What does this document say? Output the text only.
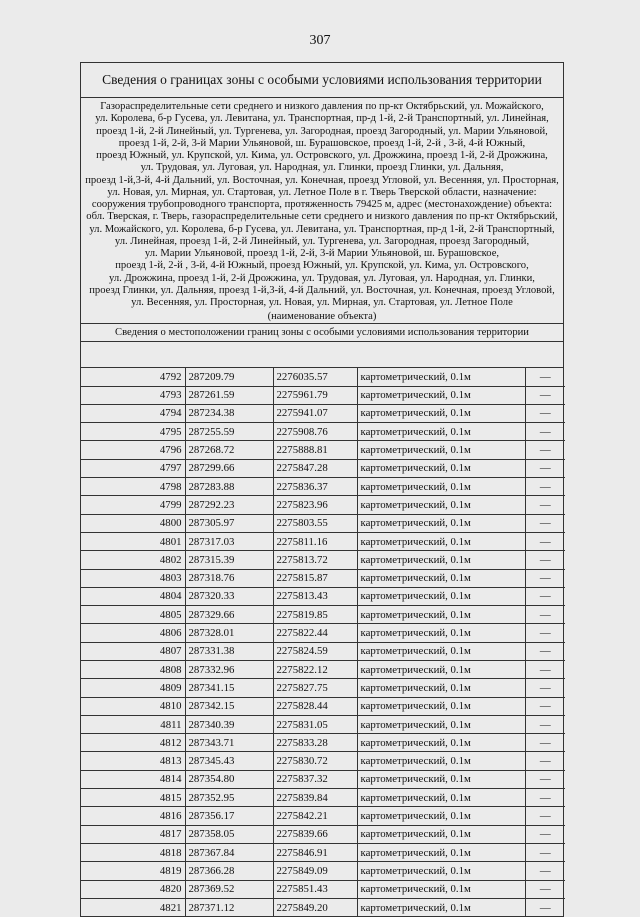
307
Сведения о границах зоны с особыми условиями использования территории
Газораспределительные сети среднего и низкого давления по пр-кт Октябрьский, ул. Можайского,
ул. Королева, б-р Гусева, ул. Левитана, ул. Транспортная, пр-д 1-й, 2-й Транспортный, ул. Линейная,
проезд 1-й, 2-й Линейный, ул. Тургенева, ул. Загородная, проезд Загородный, ул. Марии Ульяновой,
проезд 1-й, 2-й, 3-й Марии Ульяновой, ш. Бурашовское, проезд 1-й, 2-й , 3-й, 4-й Южный,
проезд Южный, ул. Крупской, ул. Кима, ул. Островского, ул. Дрожжина, проезд 1-й, 2-й Дрожжина,
ул. Трудовая, ул. Луговая, ул. Народная, ул. Глинки, проезд Глинки, ул. Дальняя,
проезд 1-й,3-й, 4-й Дальний, ул. Восточная, ул. Конечная, проезд Угловой, ул. Весенняя, ул. Просторная,
ул. Новая, ул. Мирная, ул. Стартовая, ул. Летное Поле в г. Тверь Тверской области, назначение:
сооружения трубопроводного транспорта, протяженность 79425 м, адрес (местонахождение) объекта:
обл. Тверская, г. Тверь, газораспределительные сети среднего и низкого давления по пр-кт Октябрьский,
ул. Можайского, ул. Королева, б-р Гусева, ул. Левитана, ул. Транспортная, пр-д 1-й, 2-й Транспортный,
ул. Линейная, проезд 1-й, 2-й Линейный, ул. Тургенева, ул. Загородная, проезд Загородный,
ул. Марии Ульяновой, проезд 1-й, 2-й, 3-й Марии Ульяновой, ш. Бурашовское,
проезд 1-й, 2-й , 3-й, 4-й Южный, проезд Южный, ул. Крупской, ул. Кима, ул. Островского,
ул. Дрожжина, проезд 1-й, 2-й Дрожжина, ул. Трудовая, ул. Луговая, ул. Народная, ул. Глинки,
проезд Глинки, ул. Дальняя, проезд 1-й,3-й, 4-й Дальний, ул. Восточная, ул. Конечная, проезд Угловой,
ул. Весенняя, ул. Просторная, ул. Новая, ул. Мирная, ул. Стартовая, ул. Летное Поле
(наименование объекта)
Сведения о местоположении границ зоны с особыми условиями использования территории
4792	287209.79	2276035.57	картометрический, 0.1м	—
4793	287261.59	2275961.79	картометрический, 0.1м	—
4794	287234.38	2275941.07	картометрический, 0.1м	—
4795	287255.59	2275908.76	картометрический, 0.1м	—
4796	287268.72	2275888.81	картометрический, 0.1м	—
4797	287299.66	2275847.28	картометрический, 0.1м	—
4798	287283.88	2275836.37	картометрический, 0.1м	—
4799	287292.23	2275823.96	картометрический, 0.1м	—
4800	287305.97	2275803.55	картометрический, 0.1м	—
4801	287317.03	2275811.16	картометрический, 0.1м	—
4802	287315.39	2275813.72	картометрический, 0.1м	—
4803	287318.76	2275815.87	картометрический, 0.1м	—
4804	287320.33	2275813.43	картометрический, 0.1м	—
4805	287329.66	2275819.85	картометрический, 0.1м	—
4806	287328.01	2275822.44	картометрический, 0.1м	—
4807	287331.38	2275824.59	картометрический, 0.1м	—
4808	287332.96	2275822.12	картометрический, 0.1м	—
4809	287341.15	2275827.75	картометрический, 0.1м	—
4810	287342.15	2275828.44	картометрический, 0.1м	—
4811	287340.39	2275831.05	картометрический, 0.1м	—
4812	287343.71	2275833.28	картометрический, 0.1м	—
4813	287345.43	2275830.72	картометрический, 0.1м	—
4814	287354.80	2275837.32	картометрический, 0.1м	—
4815	287352.95	2275839.84	картометрический, 0.1м	—
4816	287356.17	2275842.21	картометрический, 0.1м	—
4817	287358.05	2275839.66	картометрический, 0.1м	—
4818	287367.84	2275846.91	картометрический, 0.1м	—
4819	287366.28	2275849.09	картометрический, 0.1м	—
4820	287369.52	2275851.43	картометрический, 0.1м	—
4821	287371.12	2275849.20	картометрический, 0.1м	—
